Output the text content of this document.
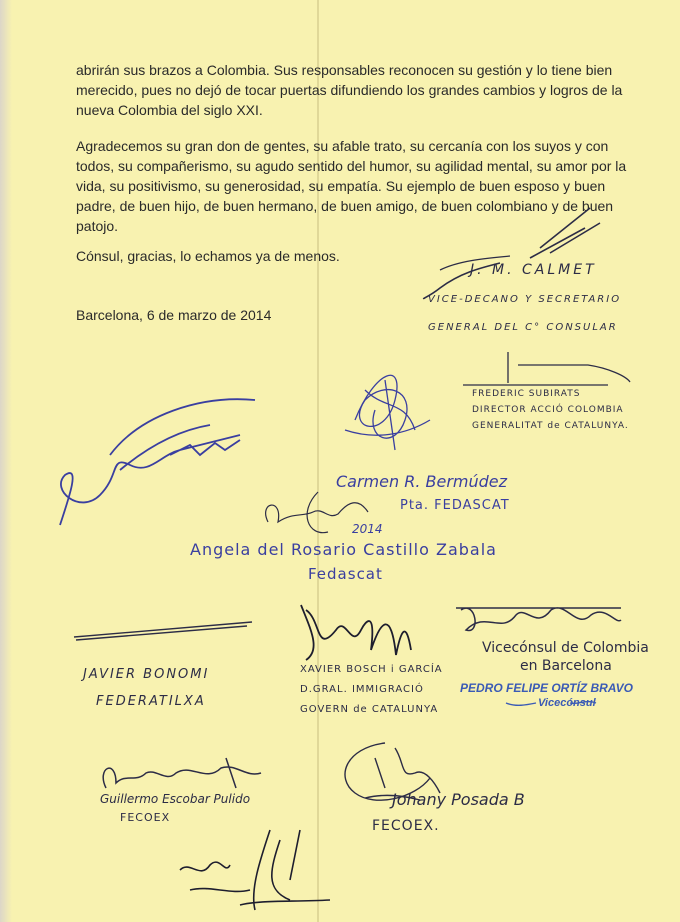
abrirán sus brazos a Colombia. Sus responsables reconocen su gestión y lo tiene bien merecido, pues no dejó de tocar puertas difundiendo los grandes cambios y logros de la nueva Colombia del siglo XXI.

Agradecemos su gran don de gentes, su afable trato, su cercanía con los suyos y con todos, su compañerismo, su agudo sentido del humor, su agilidad mental, su amor por la vida, su positivismo, su generosidad, su empatía. Su ejemplo de buen esposo y buen padre, de buen hijo, de buen hermano, de buen amigo, de buen colombiano y de buen patojo.

Cónsul, gracias, lo echamos ya de menos.

Barcelona, 6 de marzo de 2014

J. M. CALMET
VICE-DECANO Y SECRETARIO
GENERAL DEL C° CONSULAR
FREDERIC SUBIRATS
DIRECTOR ACCIÓ COLOMBIA
GENERALITAT de CATALUNYA.
Carmen R. Bermúdez
Pta. FEDASCAT
2014
Angela del Rosario Castillo Zabala
Fedascat
JAVIER BONOMI
FEDERATILXA
XAVIER BOSCH i GARCÍA
D.GRAL. IMMIGRACIÓ
GOVERN de CATALUNYA
Vicecónsul de Colombia
en Barcelona
PEDRO FELIPE ORTÍZ BRAVO
Vicecónsul
Guillermo Escobar Pulido
FECOEX
Johany Posada B
FECOEX.
